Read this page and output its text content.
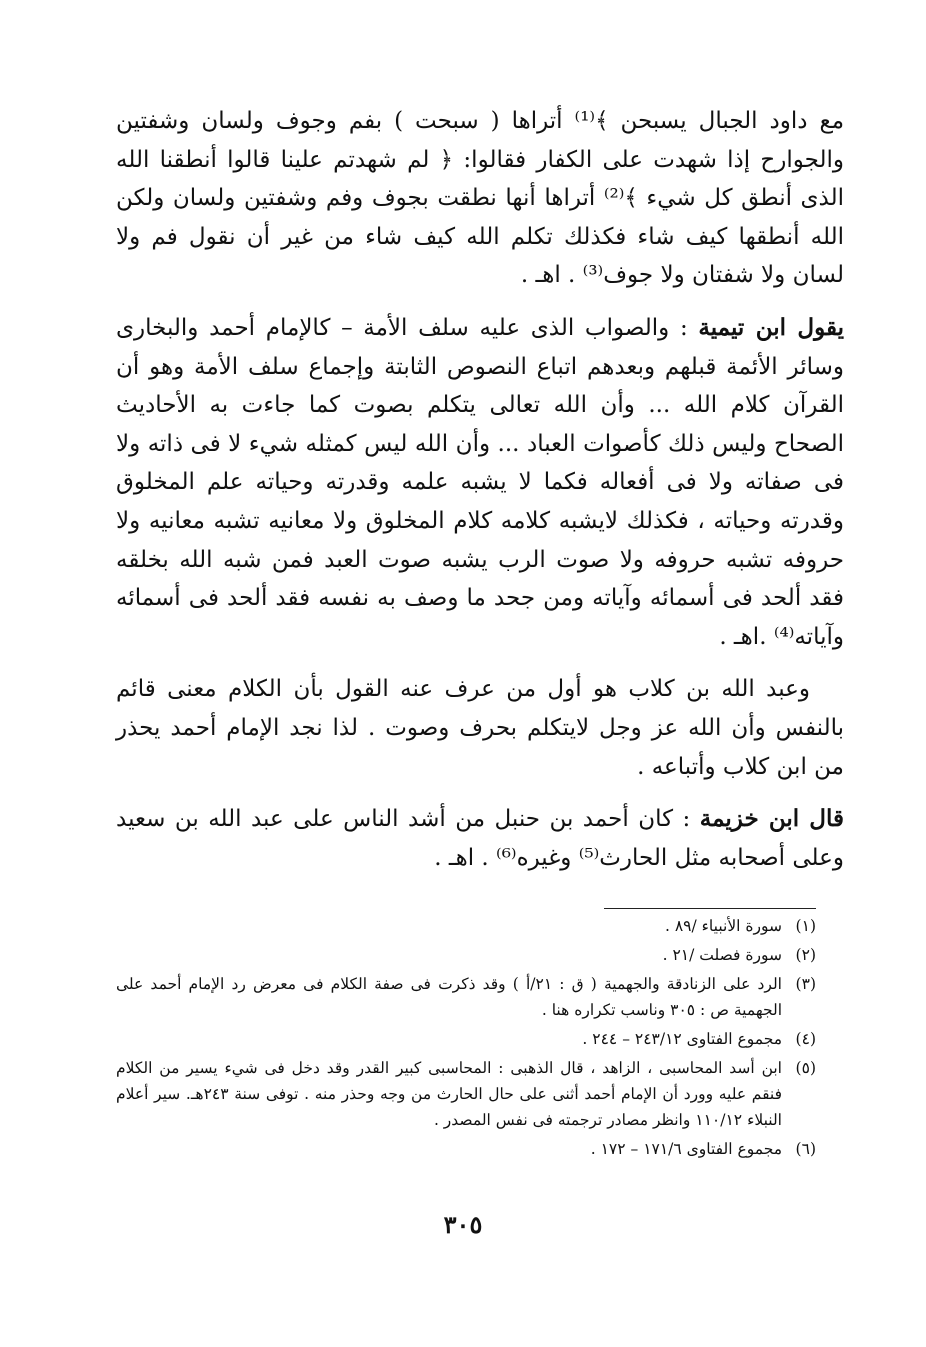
مع داود الجبال يسبحن ﴾⁽¹⁾ أتراها ( سبحت ) بفم وجوف ولسان وشفتين والجوارح إذا شهدت على الكفار فقالوا: ﴿ لم شهدتم علينا قالوا أنطقنا الله الذى أنطق كل شيء ﴾⁽²⁾ أتراها أنها نطقت بجوف وفم وشفتين ولسان ولكن الله أنطقها كيف شاء فكذلك تكلم الله كيف شاء من غير أن نقول فم ولا لسان ولا شفتان ولا جوف⁽³⁾ . اهـ .

يقول ابن تيمية : والصواب الذى عليه سلف الأمة – كالإمام أحمد والبخارى وسائر الأئمة قبلهم وبعدهم اتباع النصوص الثابتة وإجماع سلف الأمة وهو أن القرآن كلام الله ... وأن الله تعالى يتكلم بصوت كما جاءت به الأحاديث الصحاح وليس ذلك كأصوات العباد ... وأن الله ليس كمثله شيء لا فى ذاته ولا فى صفاته ولا فى أفعاله فكما لا يشبه علمه وقدرته وحياته علم المخلوق وقدرته وحياته ، فكذلك لايشبه كلامه كلام المخلوق ولا معانيه تشبه معانيه ولا حروفه تشبه حروفه ولا صوت الرب يشبه صوت العبد فمن شبه الله بخلقه فقد ألحد فى أسمائه وآياته ومن جحد ما وصف به نفسه فقد ألحد فى أسمائه وآياته⁽⁴⁾ .اهـ .

وعبد الله بن كلاب هو أول من عرف عنه القول بأن الكلام معنى قائم بالنفس وأن الله عز وجل لايتكلم بحرف وصوت . لذا نجد الإمام أحمد يحذر من ابن كلاب وأتباعه .

قال ابن خزيمة : كان أحمد بن حنبل من أشد الناس على عبد الله بن سعيد وعلى أصحابه مثل الحارث⁽⁵⁾ وغيره⁽⁶⁾ . اهـ .

(١)
سورة الأنبياء /٨٩ .
(٢)
سورة فصلت /٢١ .
(٣)
الرد على الزنادقة والجهمية ( ق : ٢١/أ ) وقد ذكرت فى صفة الكلام فى معرض رد الإمام أحمد على الجهمية ص : ٣٠٥ وناسب تكراره هنا .
(٤)
مجموع الفتاوى ٢٤٣/١٢ – ٢٤٤ .
(٥)
ابن أسد المحاسبى ، الزاهد ، قال الذهبى : المحاسبى كبير القدر وقد دخل فى شيء يسير من الكلام فنقم عليه وورد أن الإمام أحمد أثنى على حال الحارث من وجه وحذر منه . توفى سنة ٢٤٣هـ. سير أعلام النبلاء ١١٠/١٢ وانظر مصادر ترجمته فى نفس المصدر .
(٦)
مجموع الفتاوى ١٧١/٦ – ١٧٢ .
٣٠٥
